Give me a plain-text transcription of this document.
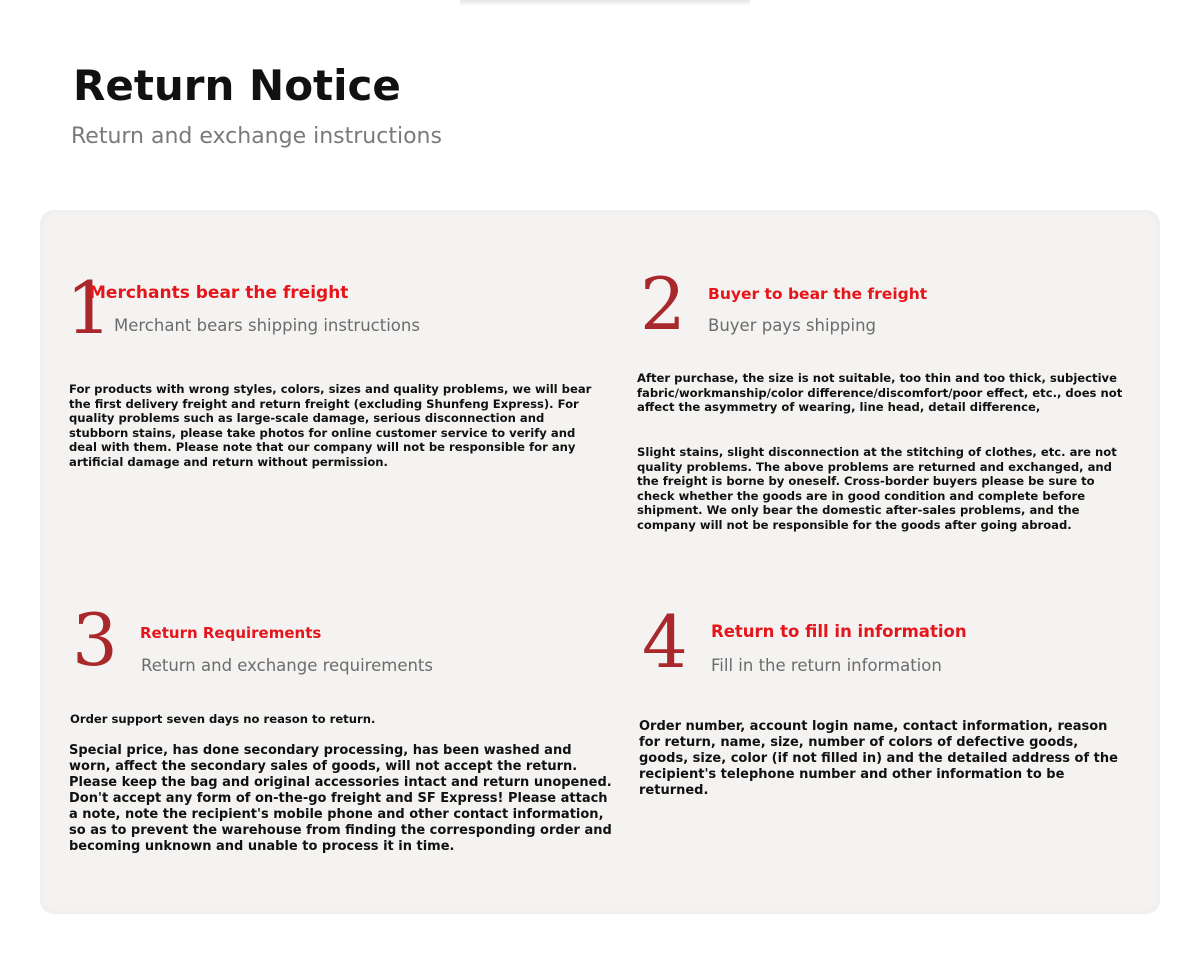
Return Notice
Return and exchange instructions
1
Merchants bear the freight
Merchant bears shipping instructions

For products with wrong styles, colors, sizes and quality problems, we will bear the first delivery freight and return freight (excluding Shunfeng Express). For quality problems such as large-scale damage, serious disconnection and stubborn stains, please take photos for online customer service to verify and deal with them. Please note that our company will not be responsible for any artificial damage and return without permission.

2 Buyer to bear the freight
Buyer pays shipping

After purchase, the size is not suitable, too thin and too thick, subjective fabric/workmanship/color difference/discomfort/poor effect, etc., does not affect the asymmetry of wearing, line head, detail difference,

Slight stains, slight disconnection at the stitching of clothes, etc. are not quality problems. The above problems are returned and exchanged, and the freight is borne by oneself. Cross-border buyers please be sure to check whether the goods are in good condition and complete before shipment. We only bear the domestic after-sales problems, and the company will not be responsible for the goods after going abroad.

3 Return Requirements
Return and exchange requirements

Order support seven days no reason to return.

Special price, has done secondary processing, has been washed and worn, affect the secondary sales of goods, will not accept the return. Please keep the bag and original accessories intact and return unopened. Don't accept any form of on-the-go freight and SF Express! Please attach a note, note the recipient's mobile phone and other contact information, so as to prevent the warehouse from finding the corresponding order and becoming unknown and unable to process it in time.

4 Return to fill in information
Fill in the return information

Order number, account login name, contact information, reason for return, name, size, number of colors of defective goods, goods, size, color (if not filled in) and the detailed address of the recipient's telephone number and other information to be returned.
